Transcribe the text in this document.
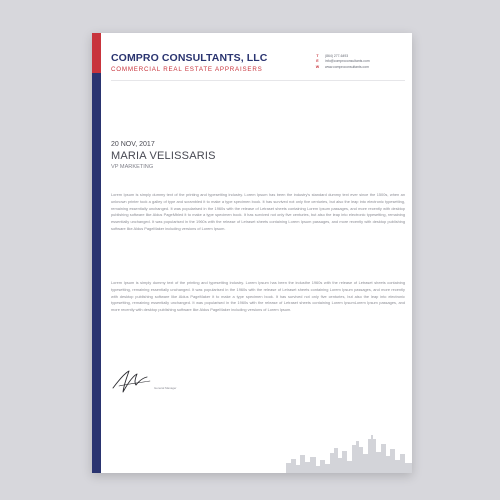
COMPRO CONSULTANTS, LLC
COMMERCIAL REAL ESTATE APPRAISERS
T	(864) 277-6493
E	info@comproconsultants.com
W	www.comproconsultants.com
20 NOV, 2017
MARIA VELISSARIS
VP MARKETING

Lorem Ipsum is simply dummy text of the printing and typesetting industry. Lorem Ipsum has been the industry's standard dummy text ever since the 1500s, when an unknown printer took a galley of type and scrambled it to make a type specimen book. It has survived not only five centuries, but also the leap into electronic typesetting, remaining essentially unchanged. It was popularised in the 1960s with the release of Letraset sheets containing Lorem Ipsum passages, and more recently with desktop publishing software like Aldus PageMbled it to make a type specimen book. It has survived not only five centuries, but also the leap into electronic typesetting, remaining essentially unchanged. It was popularised in the 1960s with the release of Letraset sheets containing Lorem Ipsum passages, and more recently with desktop publishing software like Aldus PageMaker including versions of Lorem Ipsum.

Lorem Ipsum is simply dummy text of the printing and typesetting industry. Lorem Ipsum has been the industhe 1960s with the release of Letraset sheets containing typesetting, remaining essentially unchanged. It was popularised in the 1960s with the release of Letraset sheets containing Lorem Ipsum passages, and more recently with desktop publishing software like Aldus PageMaker it to make a type specimen book. It has survived not only five centuries, but also the leap into electronic typesetting, remaining essentially unchanged. It was popularised in the 1960s with the release of Letraset sheets containing Lorem IpsumLorem Ipsum passages, and more recently with desktop publishing software like Aldus PageMaker including versions of Lorem Ipsum.

General Manager
